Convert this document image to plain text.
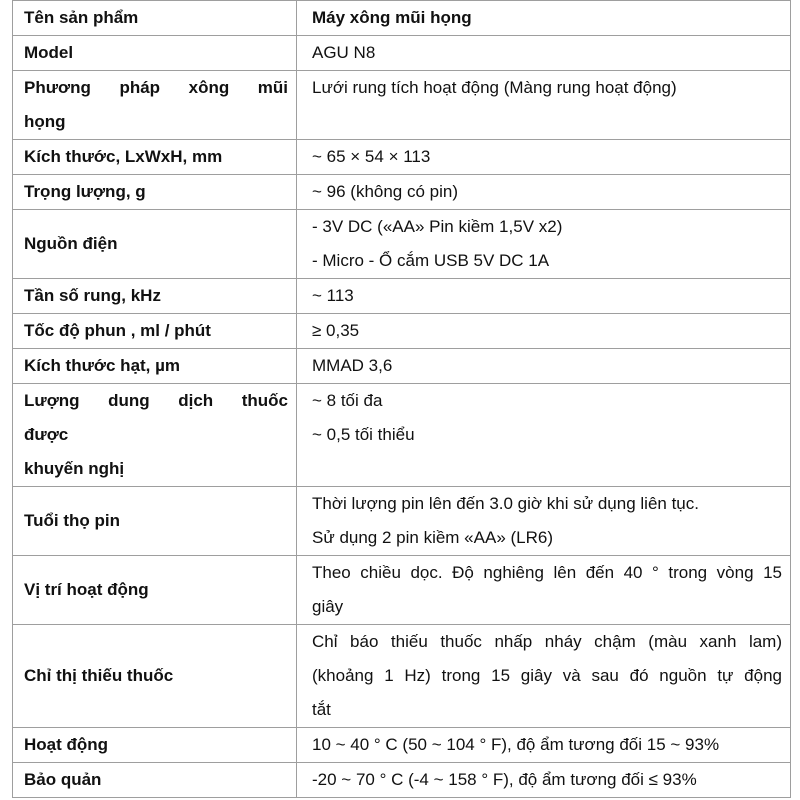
Tên sản phẩm	Máy xông mũi họng
Model	AGU N8

Phương pháp xông mũi
họng	Lưới rung tích hoạt động (Màng rung hoạt động)

Kích thước, LxWxH, mm	~ 65 × 54 × 113

Trọng lượng, g	~ 96 (không có pin)

Nguồn điện	- 3V DC («AA» Pin kiềm 1,5V x2)
- Micro - Ổ cắm USB 5V DC 1A

Tần số rung, kHz	~ 113

Tốc độ phun , ml / phút	≥ 0,35

Kích thước hạt, µm	MMAD 3,6

Lượng dung dịch thuốc
được
khuyến nghị	~ 8 tối đa
~ 0,5 tối thiểu

Tuổi thọ pin	Thời lượng pin lên đến 3.0 giờ khi sử dụng liên tục.
Sử dụng 2 pin kiềm «AA» (LR6)

Vị trí hoạt động	Theo chiều dọc. Độ nghiêng lên đến 40 ° trong vòng 15
giây

Chỉ thị thiếu thuốc	Chỉ báo thiếu thuốc nhấp nháy chậm (màu xanh lam)
(khoảng 1 Hz) trong 15 giây và sau đó nguồn tự động
tắt

Hoạt động	10 ~ 40 ° C (50 ~ 104 ° F), độ ẩm tương đối 15 ~ 93%

Bảo quản	-20 ~ 70 ° C (-4 ~ 158 ° F), độ ẩm tương đối ≤ 93%
